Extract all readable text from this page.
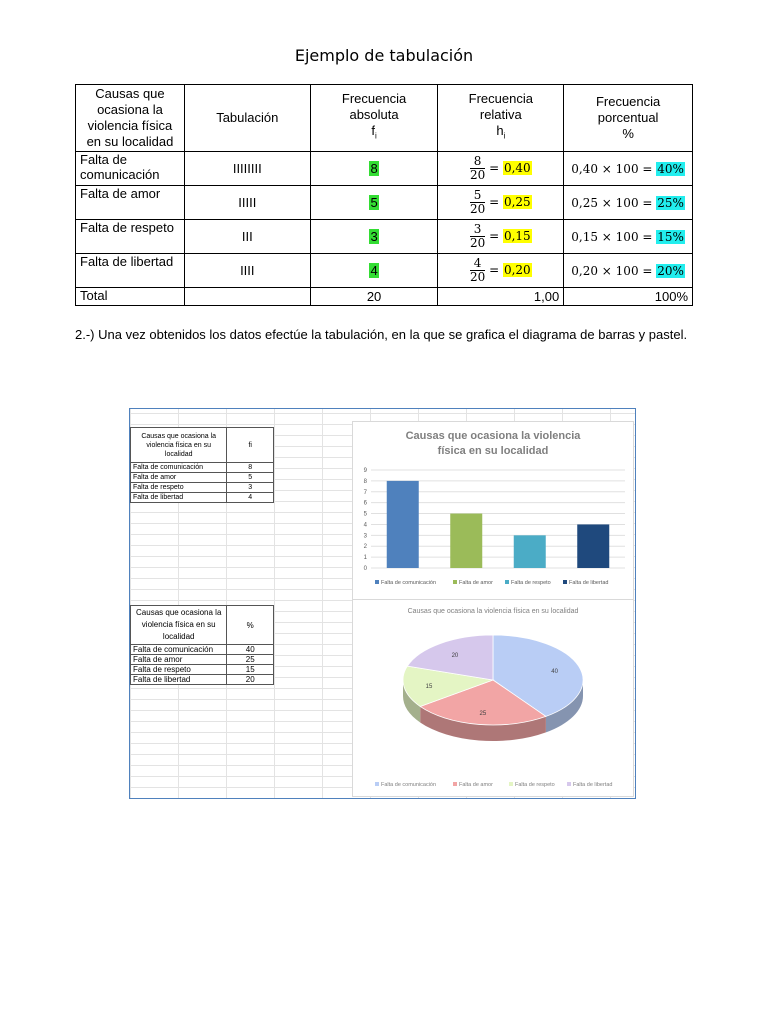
Ejemplo de tabulación
Causas que ocasiona la violencia física en su localidad	Tabulación	Frecuencia
absoluta
$f_i$	Frecuencia
relativa
$h_i$	Frecuencia
porcentual
%
Falta de comunicación	IIIIIIII	8	$\frac{8}{20} = 0,40$	0,40 × 100 = 40%
Falta de amor	IIIII	5	$\frac{5}{20} = 0,25$	0,25 × 100 = 25%
Falta de respeto	III	3	$\frac{3}{20} = 0,15$	0,15 × 100 = 15%
Falta de libertad	IIII	4	$\frac{4}{20} = 0,20$	0,20 × 100 = 20%
Total		20	1,00	100%
2.-) Una vez obtenidos los datos efectúe la tabulación, en la que se grafica el diagrama de barras y pastel.
Causas que ocasiona la violencia física en su localidad	fi
Falta de comunicación	8
Falta de amor	5
Falta de respeto	3
Falta de libertad	4
Causas que ocasiona la violencia física en su localidad	%
Falta de comunicación	40
Falta de amor	25
Falta de respeto	15
Falta de libertad	20
Causas que ocasiona la violencia
física en su localidad
0
1
2
3
4
5
6
7
8
9
Falta de comunicación	Falta de amor	Falta de respeto	Falta de libertad
Causas que ocasiona la violencia física en su localidad
40
25
15
20
Falta de comunicación	Falta de amor	Falta de respeto	Falta de libertad
